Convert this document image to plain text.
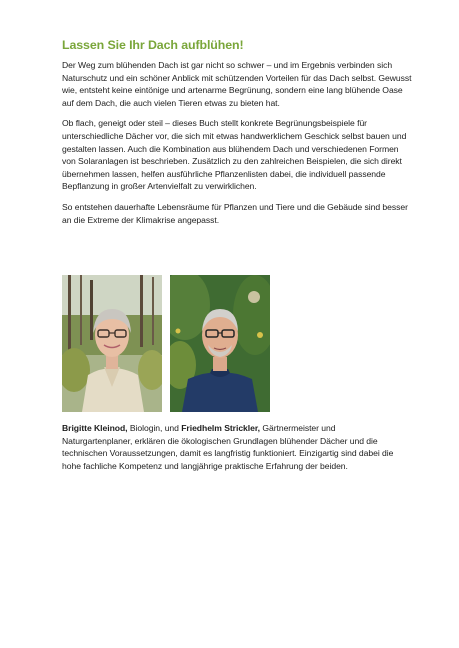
Lassen Sie Ihr Dach aufblühen!

Der Weg zum blühenden Dach ist gar nicht so schwer – und im Ergebnis verbinden sich Naturschutz und ein schöner Anblick mit schützenden Vorteilen für das Dach selbst. Gewusst wie, entsteht keine eintönige und artenarme Begrünung, sondern eine lang blühende Oase auf dem Dach, die auch vielen Tieren etwas zu bieten hat.

Ob flach, geneigt oder steil – dieses Buch stellt konkrete Begrünungsbeispiele für unterschiedliche Dächer vor, die sich mit etwas handwerklichem Geschick selbst bauen und gestalten lassen. Auch die Kombination aus blühendem Dach und verschiedenen Formen von Solaranlagen ist beschrieben. Zusätzlich zu den zahlreichen Beispielen, die sich direkt übernehmen lassen, helfen ausführliche Pflanzenlisten dabei, die individuell passende Bepflanzung in großer Artenvielfalt zu verwirklichen.

So entstehen dauerhafte Lebensräume für Pflanzen und Tiere und die Gebäude sind besser an die Extreme der Klimakrise angepasst.

Brigitte Kleinod, Biologin, und Friedhelm Strickler, Gärtnermeister und Naturgartenplaner, erklären die ökologischen Grundlagen blühender Dächer und die technischen Voraussetzungen, damit es langfristig funktioniert. Einzigartig sind dabei die hohe fachliche Kompetenz und langjährige praktische Erfahrung der beiden.
